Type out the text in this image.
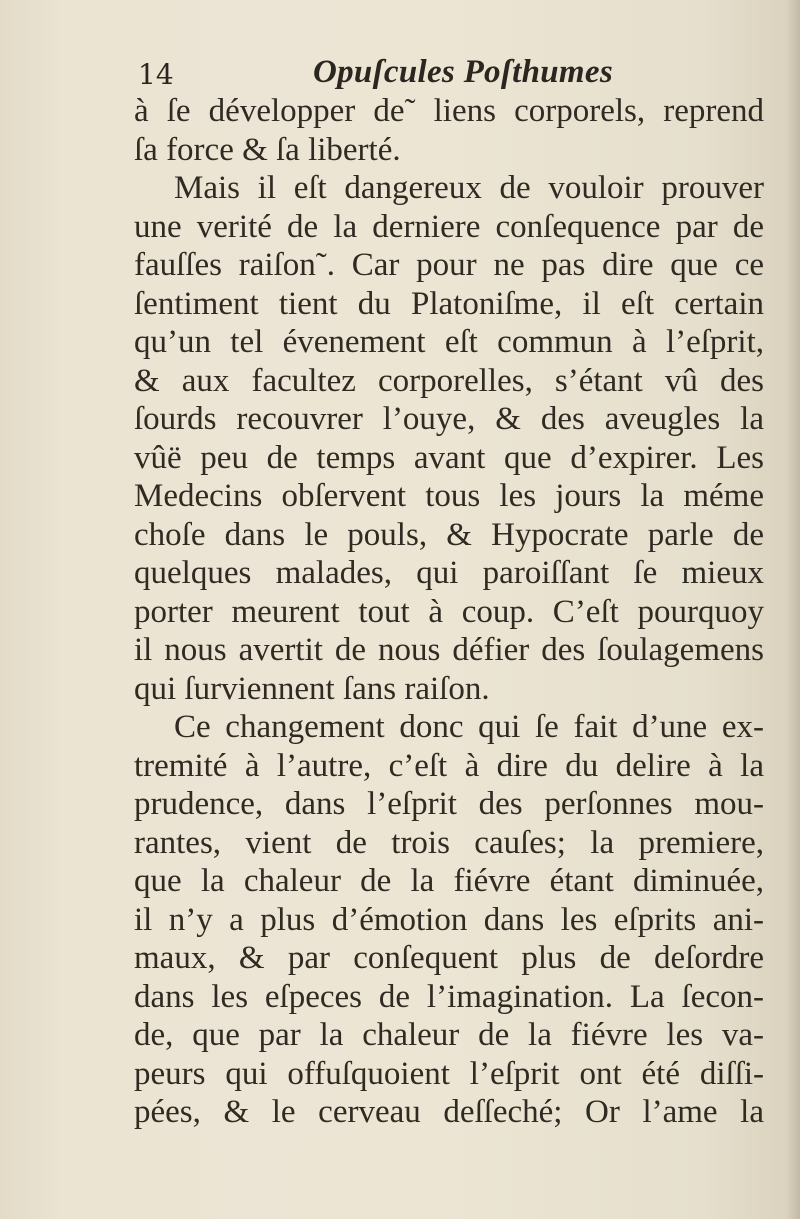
14	Opuſcules Poſthumes
à ſe développer de˜ liens corporels, reprend
ſa force & ſa liberté.
Mais il eſt dangereux de vouloir prouver
une verité de la derniere conſequence par de
fauſſes raiſon˜. Car pour ne pas dire que ce
ſentiment tient du Platoniſme, il eſt certain
qu’un tel évenement eſt commun à l’eſprit,
& aux facultez corporelles, s’étant vû des
ſourds recouvrer l’ouye, & des aveugles la
vûë peu de temps avant que d’expirer. Les
Medecins obſervent tous les jours la méme
choſe dans le pouls, & Hypocrate parle de
quelques malades, qui paroiſſant ſe mieux
porter meurent tout à coup. C’eſt pourquoy
il nous avertit de nous défier des ſoulagemens
qui ſurviennent ſans raiſon.
Ce changement donc qui ſe fait d’une ex-
tremité à l’autre, c’eſt à dire du delire à la
prudence, dans l’eſprit des perſonnes mou-
rantes, vient de trois cauſes; la premiere,
que la chaleur de la fiévre étant diminuée,
il n’y a plus d’émotion dans les eſprits ani-
maux, & par conſequent plus de deſordre
dans les eſpeces de l’imagination. La ſecon-
de, que par la chaleur de la fiévre les va-
peurs qui offuſquoient l’eſprit ont été diſſi-
pées, & le cerveau deſſeché; Or l’ame la
